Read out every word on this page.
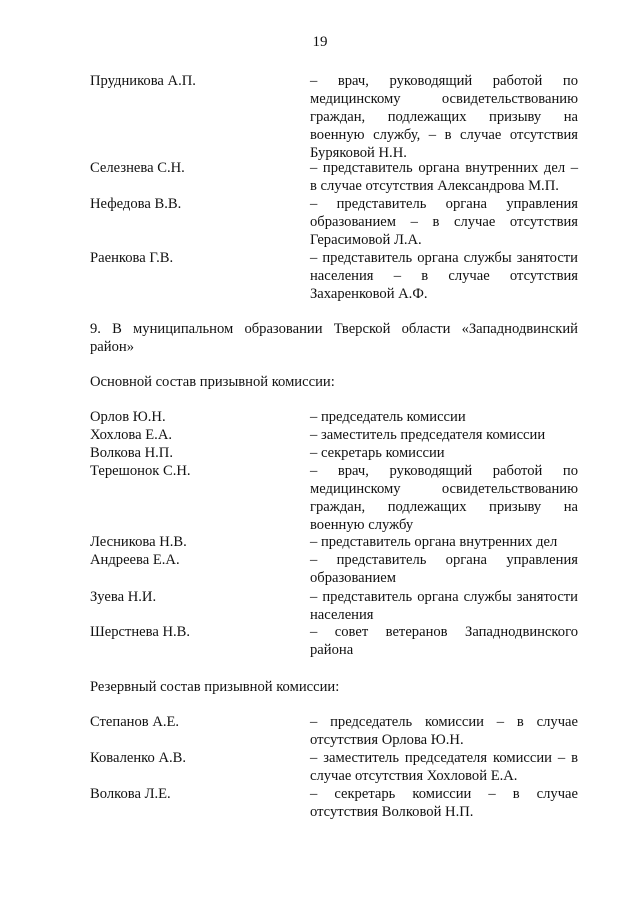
19
Прудникова А.П.	– врач, руководящий работой по медицинскому освидетельствованию граждан, подлежащих призыву на военную службу, – в случае отсутствия Буряковой Н.Н.
Селезнева С.Н.	– представитель органа внутренних дел – в случае отсутствия Александрова М.П.
Нефедова В.В.	– представитель органа управления образованием – в случае отсутствия Герасимовой Л.А.
Раенкова Г.В.	– представитель органа службы занятости населения – в случае отсутствия Захаренковой А.Ф.
9. В муниципальном образовании Тверской области «Западнодвинский район»
Основной состав призывной комиссии:
Орлов Ю.Н.	– председатель комиссии
Хохлова Е.А.	– заместитель председателя комиссии
Волкова Н.П.	– секретарь комиссии
Терешонок С.Н.	– врач, руководящий работой по медицинскому освидетельствованию граждан, подлежащих призыву на военную службу
Лесникова Н.В.	– представитель органа внутренних дел
Андреева Е.А.	– представитель органа управления образованием
Зуева Н.И.	– представитель органа службы занятости населения
Шерстнева Н.В.	– совет ветеранов Западнодвинского района
Резервный состав призывной комиссии:
Степанов А.Е.	– председатель комиссии – в случае отсутствия Орлова Ю.Н.
Коваленко А.В.	– заместитель председателя комиссии – в случае отсутствия Хохловой Е.А.
Волкова Л.Е.	– секретарь комиссии – в случае отсутствия Волковой Н.П.
